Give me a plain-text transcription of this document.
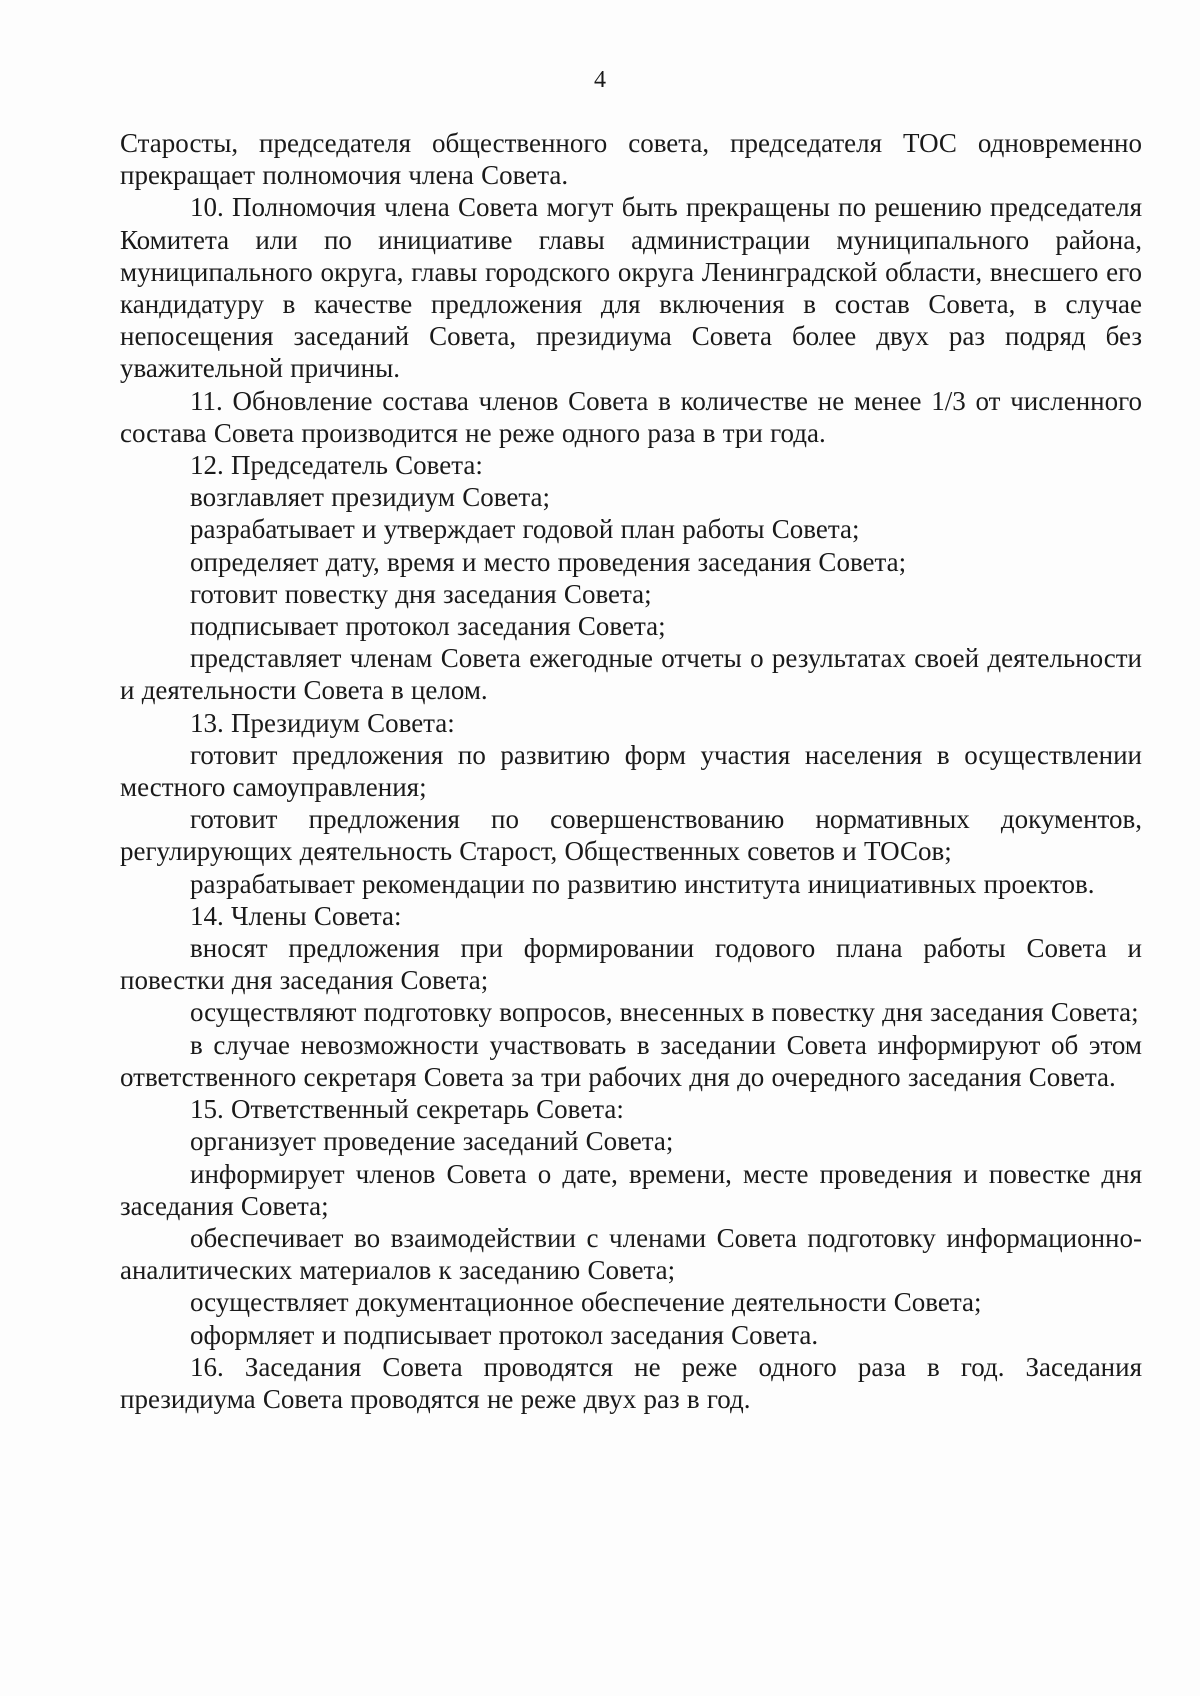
4

Старосты, председателя общественного совета, председателя ТОС одновременно прекращает полномочия члена Совета.

10. Полномочия члена Совета могут быть прекращены по решению председателя Комитета или по инициативе главы администрации муниципального района, муниципального округа, главы городского округа Ленинградской области, внесшего его кандидатуру в качестве предложения для включения в состав Совета, в случае непосещения заседаний Совета, президиума Совета более двух раз подряд без уважительной причины.

11. Обновление состава членов Совета в количестве не менее 1/3 от численного состава Совета производится не реже одного раза в три года.

12. Председатель Совета:

возглавляет президиум Совета;

разрабатывает и утверждает годовой план работы Совета;

определяет дату, время и место проведения заседания Совета;

готовит повестку дня заседания Совета;

подписывает протокол заседания Совета;

представляет членам Совета ежегодные отчеты о результатах своей деятельности и деятельности Совета в целом.

13. Президиум Совета:

готовит предложения по развитию форм участия населения в осуществлении местного самоуправления;

готовит предложения по совершенствованию нормативных документов, регулирующих деятельность Старост, Общественных советов и ТОСов;

разрабатывает рекомендации по развитию института инициативных проектов.

14. Члены Совета:

вносят предложения при формировании годового плана работы Совета и повестки дня заседания Совета;

осуществляют подготовку вопросов, внесенных в повестку дня заседания Совета;

в случае невозможности участвовать в заседании Совета информируют об этом ответственного секретаря Совета за три рабочих дня до очередного заседания Совета.

15. Ответственный секретарь Совета:

организует проведение заседаний Совета;

информирует членов Совета о дате, времени, месте проведения и повестке дня заседания Совета;

обеспечивает во взаимодействии с членами Совета подготовку информационно-аналитических материалов к заседанию Совета;

осуществляет документационное обеспечение деятельности Совета;

оформляет и подписывает протокол заседания Совета.

16. Заседания Совета проводятся не реже одного раза в год. Заседания президиума Совета проводятся не реже двух раз в год.
